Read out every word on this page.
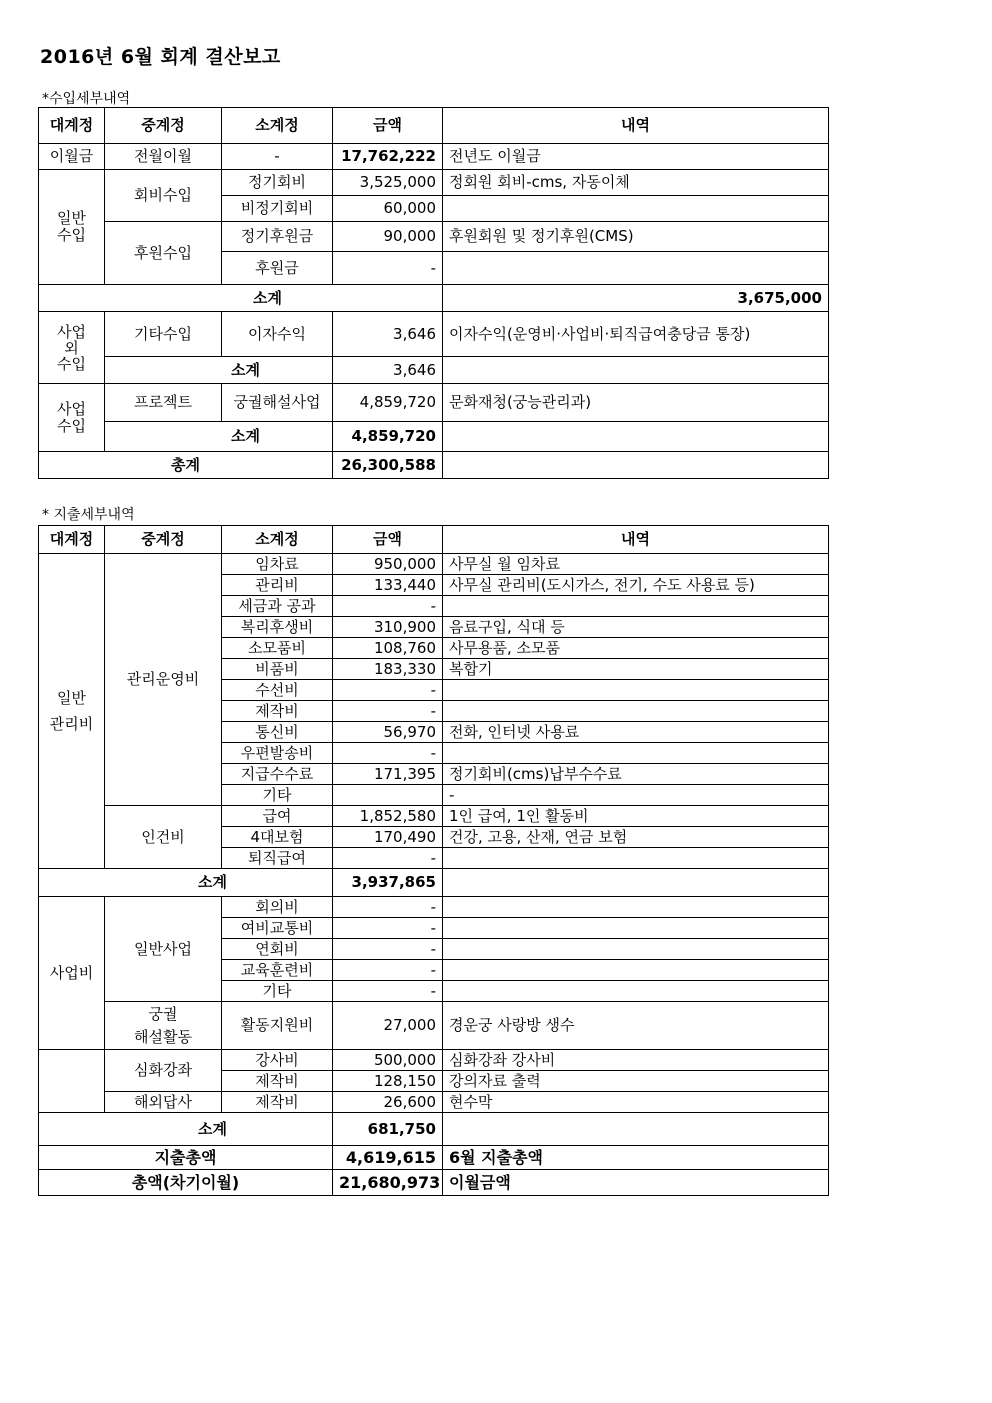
2016년 6월 회계 결산보고
*수입세부내역
대계정	중계정	소계정	금액	내역	
이월금	전월이월	-	17,762,222	전년도 이월금	
일반
수입	회비수입	정기회비	3,525,000	정회원 회비-cms, 자동이체	
		비정기회비	60,000		
	후원수입	정기후원금	90,000	후원회원 및 정기후원(CMS)	
		후원금	-		
소계				3,675,000	
사업
외
수입	기타수입	이자수익	3,646	이자수익(운영비·사업비·퇴직급여충당금 통장)	
	소계		3,646		
사업
수입	프로젝트	궁궐해설사업	4,859,720	문화재청(궁능관리과)	
	소계		4,859,720		
총계			26,300,588		
* 지출세부내역
대계정	중계정	소계정	금액	내역
일반
관리비	관리운영비	임차료	950,000	사무실 월 임차료
		관리비	133,440	사무실 관리비(도시가스, 전기, 수도 사용료 등)
		세금과 공과	-	
		복리후생비	310,900	음료구입, 식대 등
		소모품비	108,760	사무용품, 소모품
		비품비	183,330	복합기
		수선비	-	
		제작비	-	
		통신비	56,970	전화, 인터넷 사용료
		우편발송비	-	
		지급수수료	171,395	정기회비(cms)납부수수료
		기타		-
	인건비	급여	1,852,580	1인 급여, 1인 활동비
		4대보험	170,490	건강, 고용, 산재, 연금 보험
		퇴직급여	-	
소계			3,937,865	
사업비	일반사업	회의비	-	
		여비교통비	-	
		연회비	-	
		교육훈련비	-	
		기타	-	
	궁궐
해설활동	활동지원비	27,000	경운궁 사랑방 생수
	심화강좌	강사비	500,000	심화강좌 강사비
		제작비	128,150	강의자료 출력
	해외답사	제작비	26,600	현수막
소계			681,750	
지출총액			4,619,615	6월 지출총액
총액(차기이월)			21,680,973	이월금액
